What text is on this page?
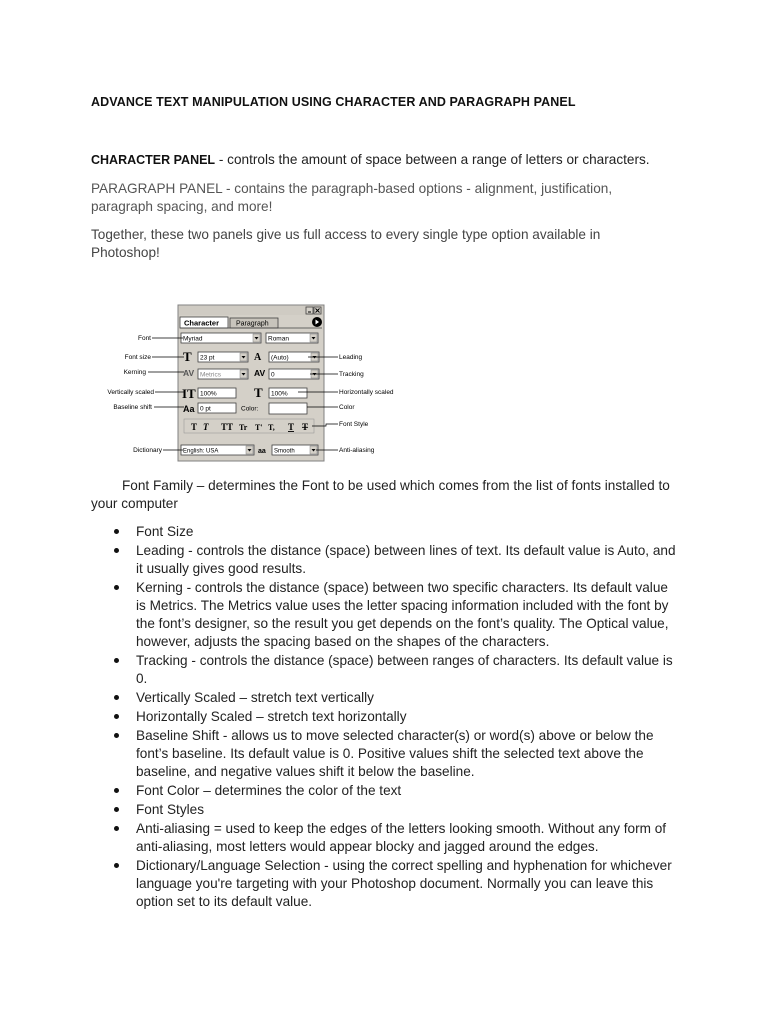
ADVANCE TEXT MANIPULATION USING CHARACTER AND PARAGRAPH PANEL

CHARACTER PANEL - controls the amount of space between a range of letters or characters.

PARAGRAPH PANEL - contains the paragraph-based options - alignment, justification, paragraph spacing, and more!

Together, these two panels give us full access to every single type option available in Photoshop!

Character Paragraph
Myriad	Roman
T 23 pt	A (Auto)
AV Metrics	AV 0
IT 100%	T 100%
Aa 0 pt	Color:
T T TT Tr T' T, T T
English: USA	aa Smooth
Font
Font size
Kerning
Vertically scaled
Baseline shift
Dictionary
Leading
Tracking
Horizontally scaled
Color
Font Style
Anti-aliasing

Font Family – determines the Font to be used which comes from the list of fonts installed to your computer

Font Size
Leading - controls the distance (space) between lines of text. Its default value is Auto, and it usually gives good results.
Kerning - controls the distance (space) between two specific characters. Its default value is Metrics. The Metrics value uses the letter spacing information included with the font by the font’s designer, so the result you get depends on the font’s quality. The Optical value, however, adjusts the spacing based on the shapes of the characters.
Tracking - controls the distance (space) between ranges of characters. Its default value is 0.
Vertically Scaled – stretch text vertically
Horizontally Scaled – stretch text horizontally
Baseline Shift - allows us to move selected character(s) or word(s) above or below the font’s baseline. Its default value is 0. Positive values shift the selected text above the baseline, and negative values shift it below the baseline.
Font Color – determines the color of the text
Font Styles
Anti-aliasing = used to keep the edges of the letters looking smooth. Without any form of anti-aliasing, most letters would appear blocky and jagged around the edges.
Dictionary/Language Selection - using the correct spelling and hyphenation for whichever language you're targeting with your Photoshop document. Normally you can leave this option set to its default value.
